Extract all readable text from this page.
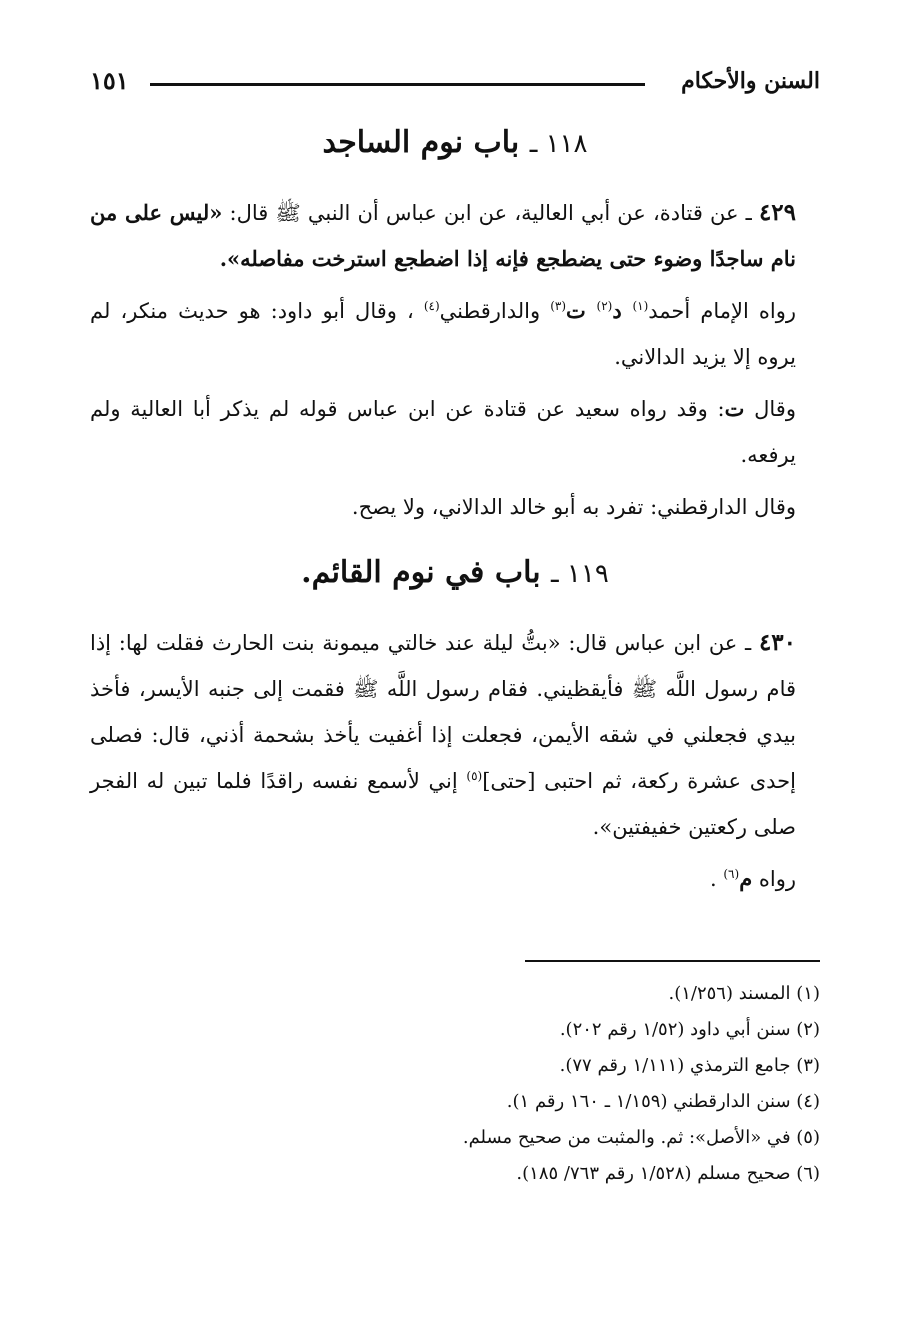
السنن والأحكام
١٥١
١١٨ ـ باب نوم الساجد

٤٢٩ ـ عن قتادة، عن أبي العالية، عن ابن عباس أن النبي ﷺ قال: «ليس على من نام ساجدًا وضوء حتى يضطجع فإنه إذا اضطجع استرخت مفاصله».

رواه الإمام أحمد$^{(١)}$ د$^{(٢)}$ ت$^{(٣)}$ والدارقطني$^{(٤)}$ ، وقال أبو داود: هو حديث منكر، لم يروه إلا يزيد الدالاني.

وقال ت: وقد رواه سعيد عن قتادة عن ابن عباس قوله لم يذكر أبا العالية ولم يرفعه.

وقال الدارقطني: تفرد به أبو خالد الدالاني، ولا يصح.

١١٩ ـ باب في نوم القائم.

٤٣٠ ـ عن ابن عباس قال: «بتُّ ليلة عند خالتي ميمونة بنت الحارث فقلت لها: إذا قام رسول اللَّه ﷺ فأيقظيني. فقام رسول اللَّه ﷺ فقمت إلى جنبه الأيسر، فأخذ بيدي فجعلني في شقه الأيمن، فجعلت إذا أغفيت يأخذ بشحمة أذني، قال: فصلى إحدى عشرة ركعة، ثم احتبى [حتى]$^{(٥)}$ إني لأسمع نفسه راقدًا فلما تبين له الفجر صلى ركعتين خفيفتين».

رواه م$^{(٦)}$ .

(١) المسند (١/٢٥٦).

(٢) سنن أبي داود (١/٥٢ رقم ٢٠٢).

(٣) جامع الترمذي (١/١١١ رقم ٧٧).

(٤) سنن الدارقطني (١/١٥٩ ـ ١٦٠ رقم ١).

(٥) في «الأصل»: ثم. والمثبت من صحيح مسلم.

(٦) صحيح مسلم (١/٥٢٨ رقم ٧٦٣/ ١٨٥).
